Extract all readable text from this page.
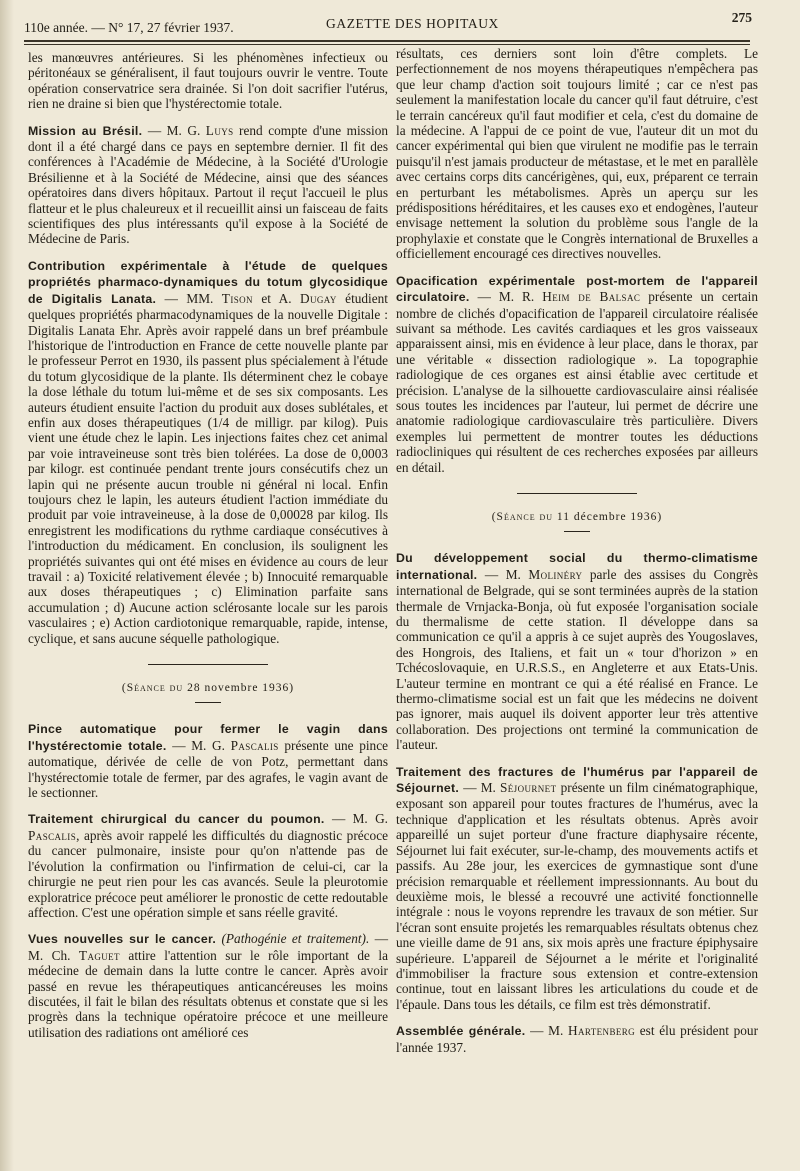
110e année. — N° 17, 27 février 1937.	GAZETTE DES HOPITAUX	275

les manœuvres antérieures. Si les phénomènes infectieux ou péritonéaux se généralisent, il faut toujours ouvrir le ventre. Toute opération conservatrice sera drainée. Si l'on doit sacrifier l'utérus, rien ne draine si bien que l'hystérectomie totale.

Mission au Brésil. — M. G. Luys rend compte d'une mission dont il a été chargé dans ce pays en septembre dernier. Il fit des conférences à l'Académie de Médecine, à la Société d'Urologie Brésilienne et à la Société de Médecine, ainsi que des séances opératoires dans divers hôpitaux. Partout il reçut l'accueil le plus flatteur et le plus chaleureux et il recueillit ainsi un faisceau de faits scientifiques des plus intéressants qu'il expose à la Société de Médecine de Paris.

Contribution expérimentale à l'étude de quelques propriétés pharmaco-dynamiques du totum glycosidique de Digitalis Lanata. — MM. Tison et A. Dugay étudient quelques propriétés pharmacodynamiques de la nouvelle Digitale : Digitalis Lanata Ehr. Après avoir rappelé dans un bref préambule l'historique de l'introduction en France de cette nouvelle plante par le professeur Perrot en 1930, ils passent plus spécialement à l'étude du totum glycosidique de la plante. Ils déterminent chez le cobaye la dose léthale du totum lui-même et de ses six composants. Les auteurs étudient ensuite l'action du produit aux doses sublétales, et enfin aux doses thérapeutiques (1/4 de milligr. par kilog). Puis vient une étude chez le lapin. Les injections faites chez cet animal par voie intraveineuse sont très bien tolérées. La dose de 0,0003 par kilogr. est continuée pendant trente jours consécutifs chez un lapin qui ne présente aucun trouble ni général ni local. Enfin toujours chez le lapin, les auteurs étudient l'action immédiate du produit par voie intraveineuse, à la dose de 0,00028 par kilog. Ils enregistrent les modifications du rythme cardiaque consécutives à l'introduction du médicament. En conclusion, ils soulignent les propriétés suivantes qui ont été mises en évidence au cours de leur travail : a) Toxicité relativement élevée ; b) Innocuité remarquable aux doses thérapeutiques ; c) Elimination parfaite sans accumulation ; d) Aucune action sclérosante locale sur les parois vasculaires ; e) Action cardiotonique remarquable, rapide, intense, cyclique, et sans aucune séquelle pathologique.

(Séance du 28 novembre 1936)

Pince automatique pour fermer le vagin dans l'hystérectomie totale. — M. G. Pascalis présente une pince automatique, dérivée de celle de von Potz, permettant dans l'hystérectomie totale de fermer, par des agrafes, le vagin avant de le sectionner.

Traitement chirurgical du cancer du poumon. — M. G. Pascalis, après avoir rappelé les difficultés du diagnostic précoce du cancer pulmonaire, insiste pour qu'on n'attende pas de l'évolution la confirmation ou l'infirmation de celui-ci, car la chirurgie ne peut rien pour les cas avancés. Seule la pleurotomie exploratrice précoce peut améliorer le pronostic de cette redoutable affection. C'est une opération simple et sans réelle gravité.

Vues nouvelles sur le cancer. (Pathogénie et traitement). — M. Ch. Taguet attire l'attention sur le rôle important de la médecine de demain dans la lutte contre le cancer. Après avoir passé en revue les thérapeutiques anticancéreuses les moins discutées, il fait le bilan des résultats obtenus et constate que si les progrès dans la technique opératoire précoce et une meilleure utilisation des radiations ont amélioré ces

résultats, ces derniers sont loin d'être complets. Le perfectionnement de nos moyens thérapeutiques n'empêchera pas que leur champ d'action soit toujours limité ; car ce n'est pas seulement la manifestation locale du cancer qu'il faut détruire, c'est le terrain cancéreux qu'il faut modifier et cela, c'est du domaine de la médecine. A l'appui de ce point de vue, l'auteur dit un mot du cancer expérimental qui bien que virulent ne modifie pas le terrain puisqu'il n'est jamais producteur de métastase, et le met en parallèle avec certains corps dits cancérigènes, qui, eux, préparent ce terrain en perturbant les métabolismes. Après un aperçu sur les prédispositions héréditaires, et les causes exo et endogènes, l'auteur envisage nettement la solution du problème sous l'angle de la prophylaxie et constate que le Congrès international de Bruxelles a officiellement encouragé ces directives nouvelles.

Opacification expérimentale post-mortem de l'appareil circulatoire. — M. R. Heim de Balsac présente un certain nombre de clichés d'opacification de l'appareil circulatoire réalisée suivant sa méthode. Les cavités cardiaques et les gros vaisseaux apparaissent ainsi, mis en évidence à leur place, dans le thorax, par une véritable « dissection radiologique ». La topographie radiologique de ces organes est ainsi établie avec certitude et précision. L'analyse de la silhouette cardiovasculaire ainsi réalisée sous toutes les incidences par l'auteur, lui permet de décrire une anatomie radiologique cardiovasculaire très particulière. Divers exemples lui permettent de montrer toutes les déductions radiocliniques qui résultent de ces recherches exposées par ailleurs en détail.

(Séance du 11 décembre 1936)

Du développement social du thermo-climatisme international. — M. Molinéry parle des assises du Congrès international de Belgrade, qui se sont terminées auprès de la station thermale de Vrnjacka-Bonja, où fut exposée l'organisation sociale du thermalisme de cette station. Il développe dans sa communication ce qu'il a appris à ce sujet auprès des Yougoslaves, des Hongrois, des Italiens, et fait un « tour d'horizon » en Tchécoslovaquie, en U.R.S.S., en Angleterre et aux Etats-Unis. L'auteur termine en montrant ce qui a été réalisé en France. Le thermo-climatisme social est un fait que les médecins ne doivent pas ignorer, mais auquel ils doivent apporter leur très attentive collaboration. Des projections ont terminé la communication de l'auteur.

Traitement des fractures de l'humérus par l'appareil de Séjournet. — M. Séjournet présente un film cinématographique, exposant son appareil pour toutes fractures de l'humérus, avec la technique d'application et les résultats obtenus. Après avoir appareillé un sujet porteur d'une fracture diaphysaire récente, Séjournet lui fait exécuter, sur-le-champ, des mouvements actifs et passifs. Au 28e jour, les exercices de gymnastique sont d'une précision remarquable et réellement impressionnants. Au bout du deuxième mois, le blessé a recouvré une activité fonctionnelle intégrale : nous le voyons reprendre les travaux de son métier. Sur l'écran sont ensuite projetés les remarquables résultats obtenus chez une vieille dame de 91 ans, six mois après une fracture épiphysaire supérieure. L'appareil de Séjournet a le mérite et l'originalité d'immobiliser la fracture sous extension et contre-extension continue, tout en laissant libres les articulations du coude et de l'épaule. Dans tous les détails, ce film est très démonstratif.

Assemblée générale. — M. Hartenberg est élu président pour l'année 1937.
